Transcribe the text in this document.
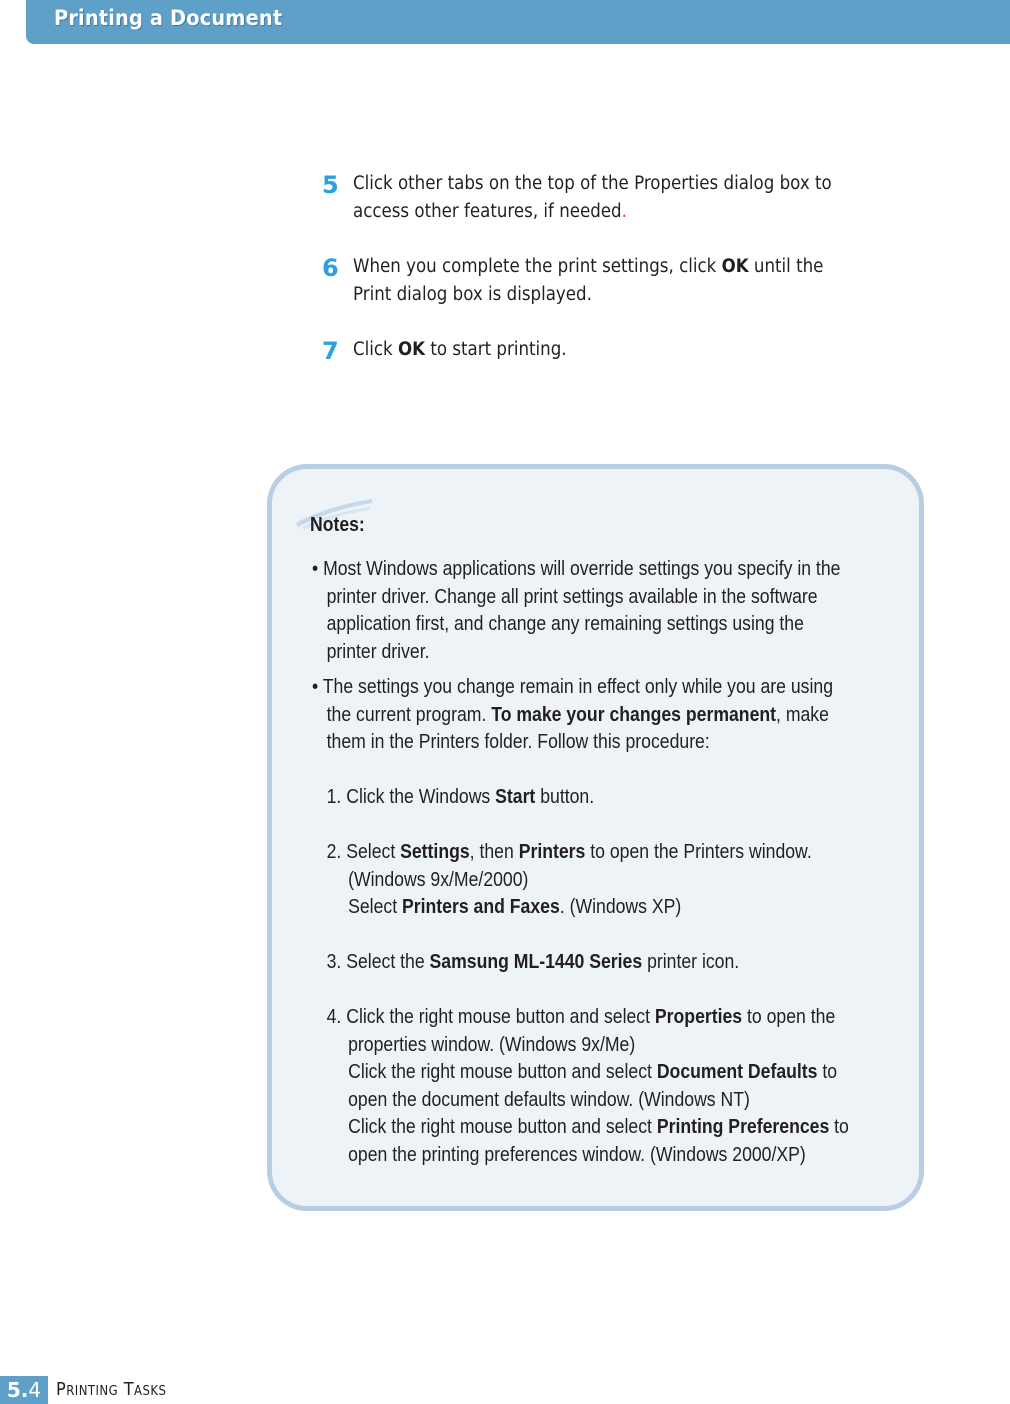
Printing a Document
5 Click other tabs on the top of the Properties dialog box to
access other features, if needed.
6 When you complete the print settings, click OK until the
Print dialog box is displayed.
7 Click OK to start printing.
Notes:
• Most Windows applications will override settings you specify in the
printer driver. Change all print settings available in the software
application first, and change any remaining settings using the
printer driver.
• The settings you change remain in effect only while you are using
the current program. To make your changes permanent, make
them in the Printers folder. Follow this procedure:
1. Click the Windows Start button.
2. Select Settings, then Printers to open the Printers window.
(Windows 9x/Me/2000)
Select Printers and Faxes. (Windows XP)
3. Select the Samsung ML-1440 Series printer icon.
4. Click the right mouse button and select Properties to open the
properties window. (Windows 9x/Me)
Click the right mouse button and select Document Defaults to
open the document defaults window. (Windows NT)
Click the right mouse button and select Printing Preferences to
open the printing preferences window. (Windows 2000/XP)
5.4 Printing Tasks
